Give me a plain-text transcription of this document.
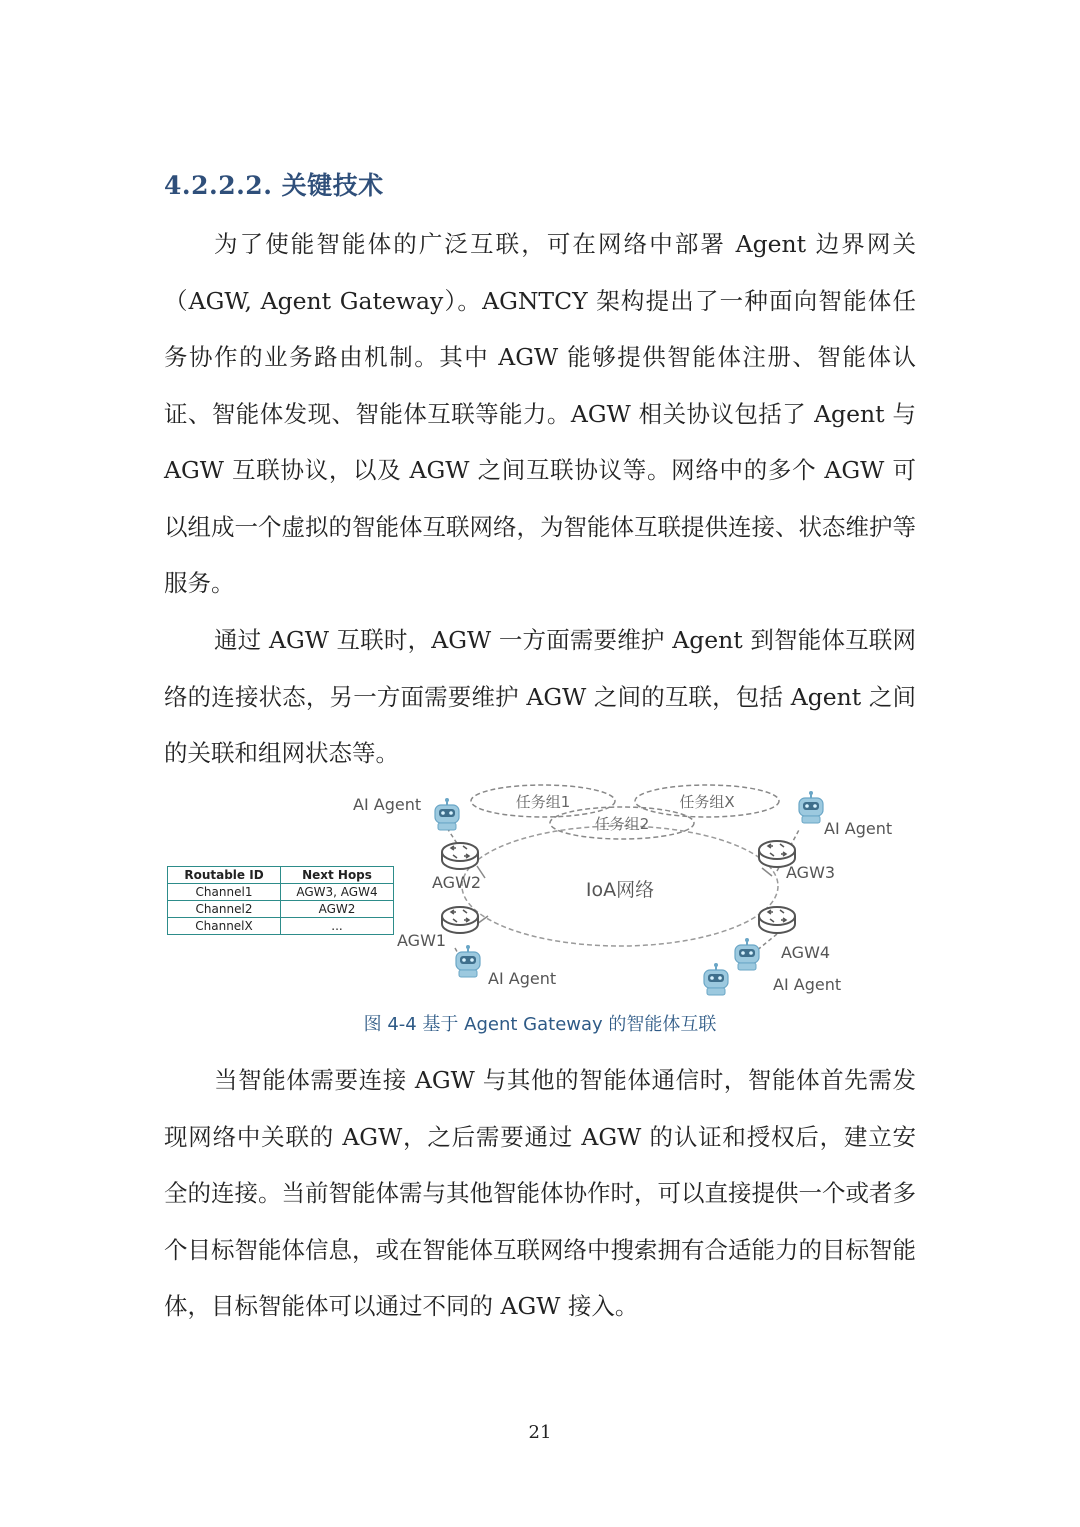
4.2.2.2. 关键技术

为了使能智能体的广泛互联，可在网络中部署 Agent 边界网关（AGW, Agent Gateway）。AGNTCY 架构提出了一种面向智能体任务协作的业务路由机制。其中 AGW 能够提供智能体注册、智能体认证、智能体发现、智能体互联等能力。AGW 相关协议包括了 Agent 与 AGW 互联协议，以及 AGW 之间互联协议等。网络中的多个 AGW 可以组成一个虚拟的智能体互联网络，为智能体互联提供连接、状态维护等服务。

通过 AGW 互联时，AGW 一方面需要维护 Agent 到智能体互联网络的连接状态，另一方面需要维护 AGW 之间的互联，包括 Agent 之间的关联和组网状态等。

IoA网络
任务组1
任务组2
任务组X
AGW2
AGW1
AGW3
AGW4
AI Agent
AI Agent
AI Agent	AI Agent
Routable ID	Next Hops
Channel1	AGW3, AGW4
Channel2	AGW2
ChannelX	...
图 4-4 基于 Agent Gateway 的智能体互联

当智能体需要连接 AGW 与其他的智能体通信时，智能体首先需发现网络中关联的 AGW，之后需要通过 AGW 的认证和授权后，建立安全的连接。当前智能体需与其他智能体协作时，可以直接提供一个或者多个目标智能体信息，或在智能体互联网络中搜索拥有合适能力的目标智能体，目标智能体可以通过不同的 AGW 接入。

21
